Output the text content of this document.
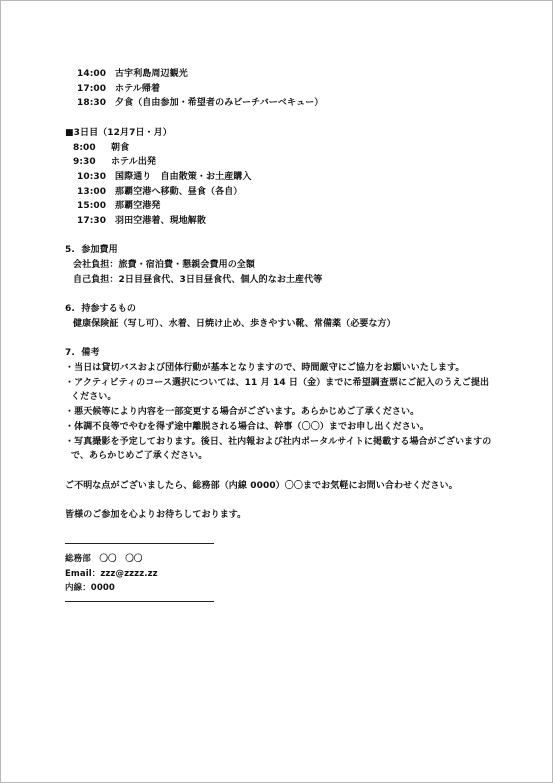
14:00 古宇利島周辺観光
17:00 ホテル帰着
18:30 夕食（自由参加・希望者のみビーチバーベキュー）
■3日目（12月7日・月）
8:00 朝食
9:30 ホテル出発
10:30 国際通り　自由散策・お土産購入
13:00 那覇空港へ移動、昼食（各自）
15:00 那覇空港発
17:30 羽田空港着、現地解散
5.  参加費用
会社負担：旅費・宿泊費・懇親会費用の全額
自己負担：2日目昼食代、3日目昼食代、個人的なお土産代等
6.  持参するもの
健康保険証（写し可）、水着、日焼け止め、歩きやすい靴、常備薬（必要な方）
7.  備考
・当日は貸切バスおよび団体行動が基本となりますので、時間厳守にご協力をお願いいたします。
・アクティビティのコース選択については、11 月 14 日（金）までに希望調査票にご記入のうえご提出ください。
・悪天候等により内容を一部変更する場合がございます。あらかじめご了承ください。
・体調不良等でやむを得ず途中離脱される場合は、幹事（〇〇）までお申し出ください。
・写真撮影を予定しております。後日、社内報および社内ポータルサイトに掲載する場合がございますので、あらかじめご了承ください。
ご不明な点がございましたら、総務部（内線 0000）〇〇までお気軽にお問い合わせください。
皆様のご参加を心よりお待ちしております。
総務部　〇〇　〇〇
Email：zzz@zzzz.zz
内線：0000
